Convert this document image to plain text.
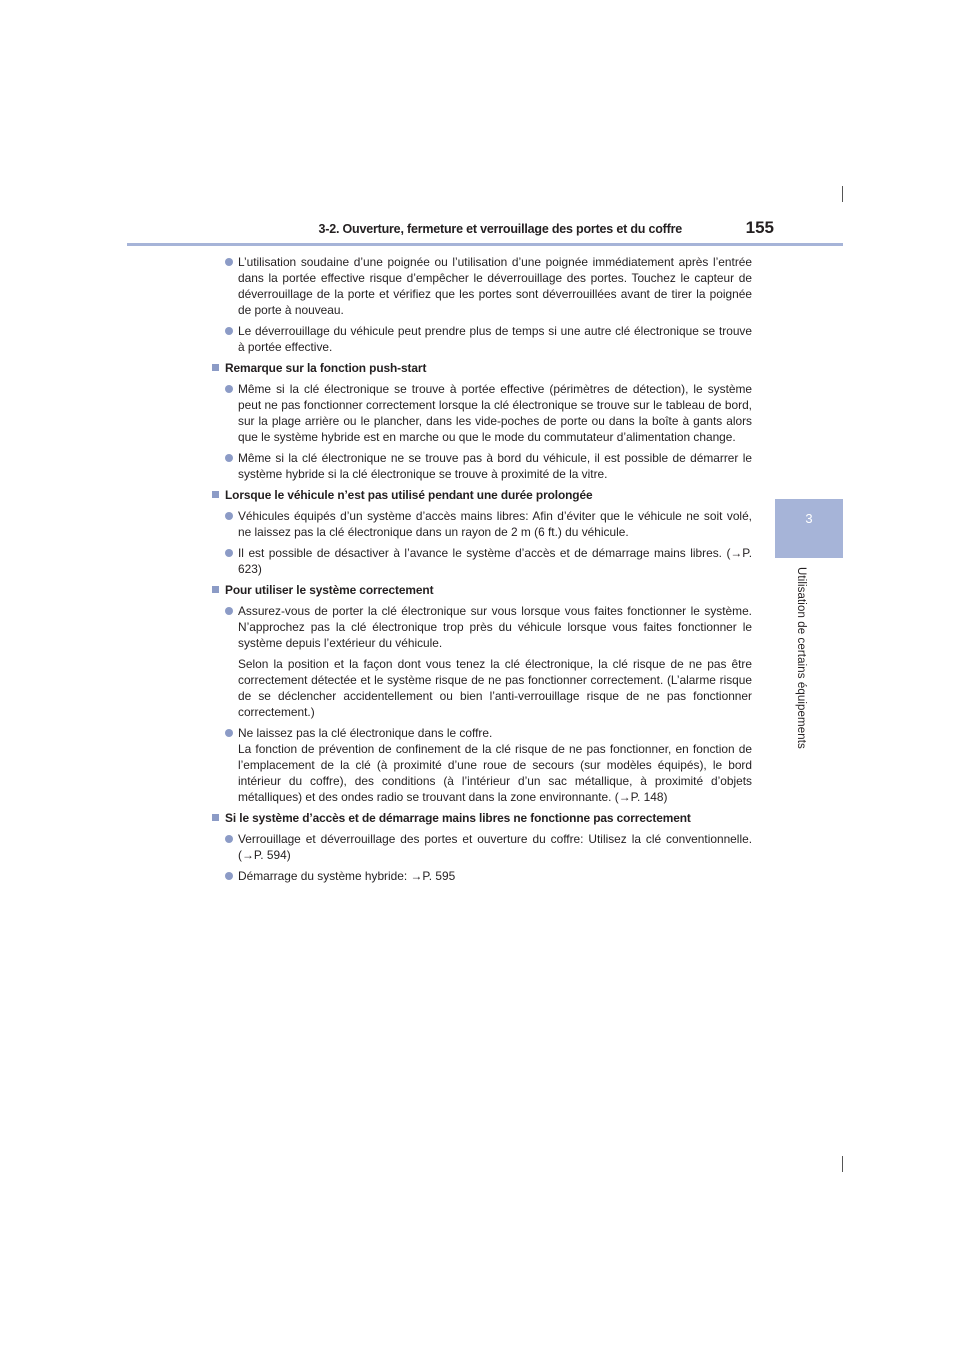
3-2. Ouverture, fermeture et verrouillage des portes et du coffre	155
3
Utilisation de certains équipements

L’utilisation soudaine d’une poignée ou l’utilisation d’une poignée immédiatement après l’entrée dans la portée effective risque d’empêcher le déverrouillage des portes. Touchez le capteur de déverrouillage de la porte et vérifiez que les portes sont déverrouillées avant de tirer la poignée de porte à nouveau.

Le déverrouillage du véhicule peut prendre plus de temps si une autre clé électronique se trouve à portée effective.

Remarque sur la fonction push-start

Même si la clé électronique se trouve à portée effective (périmètres de détection), le système peut ne pas fonctionner correctement lorsque la clé électronique se trouve sur le tableau de bord, sur la plage arrière ou le plancher, dans les vide-poches de porte ou dans la boîte à gants alors que le système hybride est en marche ou que le mode du commutateur d’alimentation change.

Même si la clé électronique ne se trouve pas à bord du véhicule, il est possible de démarrer le système hybride si la clé électronique se trouve à proximité de la vitre.

Lorsque le véhicule n’est pas utilisé pendant une durée prolongée

Véhicules équipés d’un système d’accès mains libres: Afin d’éviter que le véhicule ne soit volé, ne laissez pas la clé électronique dans un rayon de 2 m (6 ft.) du véhicule.

Il est possible de désactiver à l’avance le système d’accès et de démarrage mains libres. (→P. 623)

Pour utiliser le système correctement

Assurez-vous de porter la clé électronique sur vous lorsque vous faites fonctionner le système. N’approchez pas la clé électronique trop près du véhicule lorsque vous faites fonctionner le système depuis l’extérieur du véhicule.

Selon la position et la façon dont vous tenez la clé électronique, la clé risque de ne pas être correctement détectée et le système risque de ne pas fonctionner correctement. (L’alarme risque de se déclencher accidentellement ou bien l’anti-verrouillage risque de ne pas fonctionner correctement.)

Ne laissez pas la clé électronique dans le coffre.

La fonction de prévention de confinement de la clé risque de ne pas fonctionner, en fonction de l’emplacement de la clé (à proximité d’une roue de secours (sur modèles équipés), le bord intérieur du coffre), des conditions (à l’intérieur d’un sac métallique, à proximité d’objets métalliques) et des ondes radio se trouvant dans la zone environnante. (→P. 148)

Si le système d’accès et de démarrage mains libres ne fonctionne pas correctement

Verrouillage et déverrouillage des portes et ouverture du coffre: Utilisez la clé conventionnelle.(→P. 594)

Démarrage du système hybride: →P. 595
